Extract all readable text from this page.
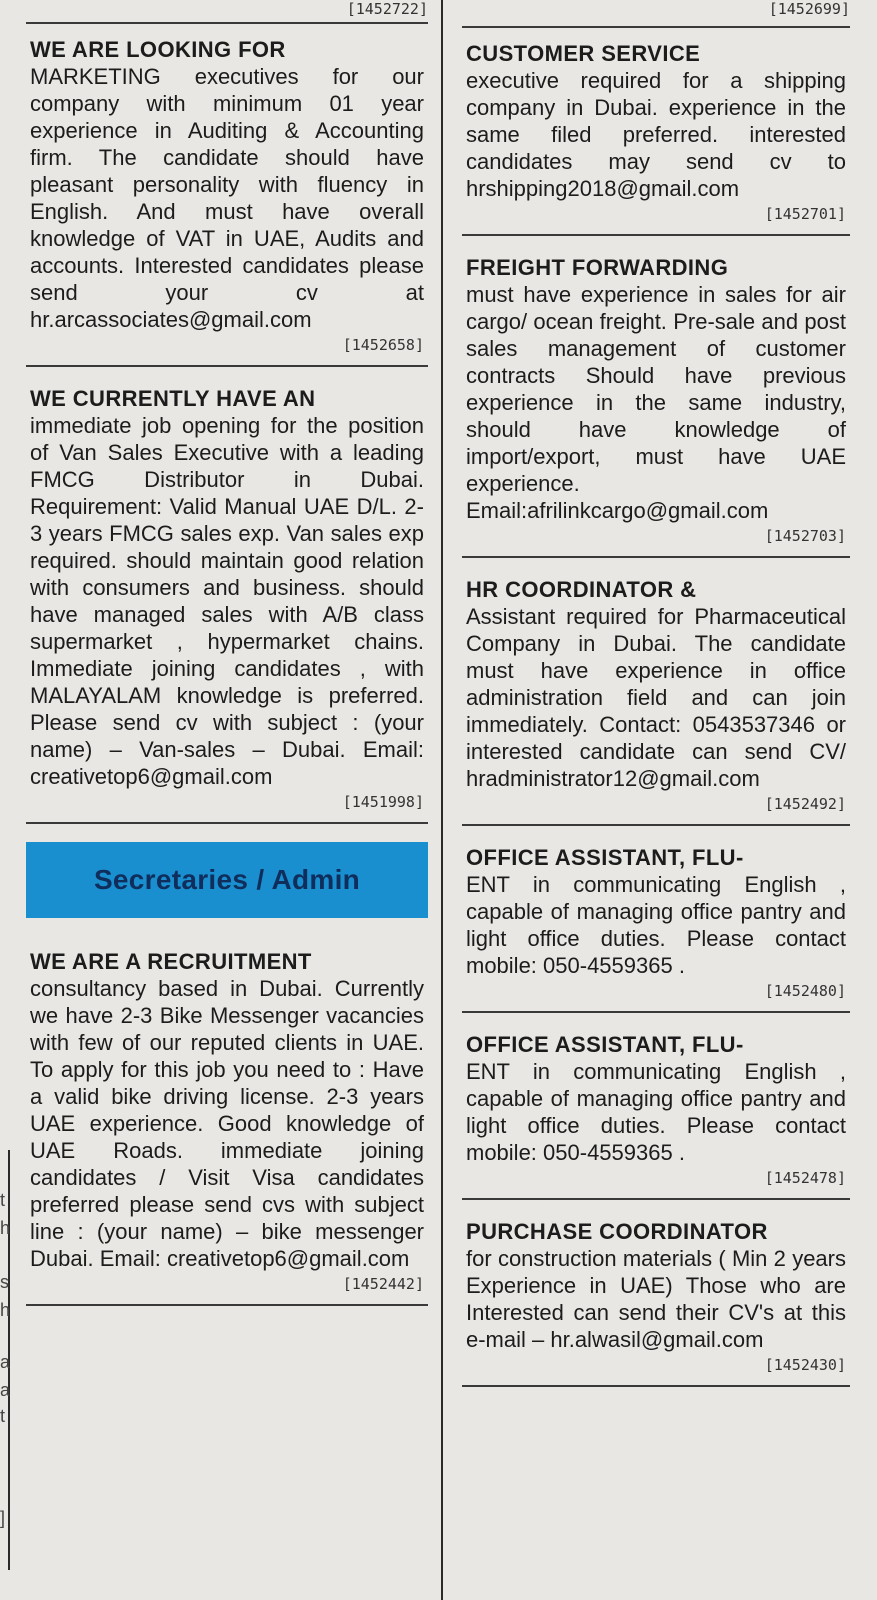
t
h
s
h
a
a
t
]
[1452722]

WE ARE LOOKING FOR
MARKETING executives for our company with minimum 01 year experience in Auditing & Accounting firm. The candidate should have pleasant personality with fluency in English. And must have overall knowledge of VAT in UAE, Audits and accounts. Interested candidates please send your cv at hr.arcassociates@gmail.com

[1452658]

WE CURRENTLY HAVE AN
immediate job opening for the position of Van Sales Executive with a leading FMCG Distributor in Dubai. Requirement: Valid Manual UAE D/L. 2-3 years FMCG sales exp. Van sales exp required. should maintain good relation with consumers and business. should have managed sales with A/B class supermarket , hypermarket chains. Immediate joining candidates , with MALAYALAM knowledge is preferred. Please send cv with subject : (your name) – Van-sales – Dubai. Email: creativetop6@gmail.com

[1451998]
Secretaries / Admin

WE ARE A RECRUITMENT
consultancy based in Dubai. Currently we have 2-3 Bike Messenger vacancies with few of our reputed clients in UAE. To apply for this job you need to : Have a valid bike driving license. 2-3 years UAE experience. Good knowledge of UAE Roads. immediate joining candidates / Visit Visa candidates preferred please send cvs with subject line : (your name) – bike messenger Dubai. Email: creativetop6@gmail.com

[1452442]
[1452699]

CUSTOMER SERVICE
executive required for a shipping company in Dubai. experience in the same filed preferred. interested candidates may send cv to hrshipping2018@gmail.com

[1452701]

FREIGHT FORWARDING
must have experience in sales for air cargo/ ocean freight. Pre-sale and post sales management of customer contracts Should have previous experience in the same industry, should have knowledge of import/export, must have UAE experience. Email:afrilinkcargo@gmail.com

[1452703]

HR COORDINATOR &
Assistant required for Pharmaceutical Company in Dubai. The candidate must have experience in office administration field and can join immediately. Contact: 0543537346 or interested candidate can send CV/ hradministrator12@gmail.com

[1452492]

OFFICE ASSISTANT, FLU-
ENT in communicating English , capable of managing office pantry and light office duties. Please contact mobile: 050-4559365 .

[1452480]

OFFICE ASSISTANT, FLU-
ENT in communicating English , capable of managing office pantry and light office duties. Please contact mobile: 050-4559365 .

[1452478]

PURCHASE COORDINATOR
for construction materials ( Min 2 years Experience in UAE) Those who are Interested can send their CV's at this e-mail – hr.alwasil@gmail.com

[1452430]
